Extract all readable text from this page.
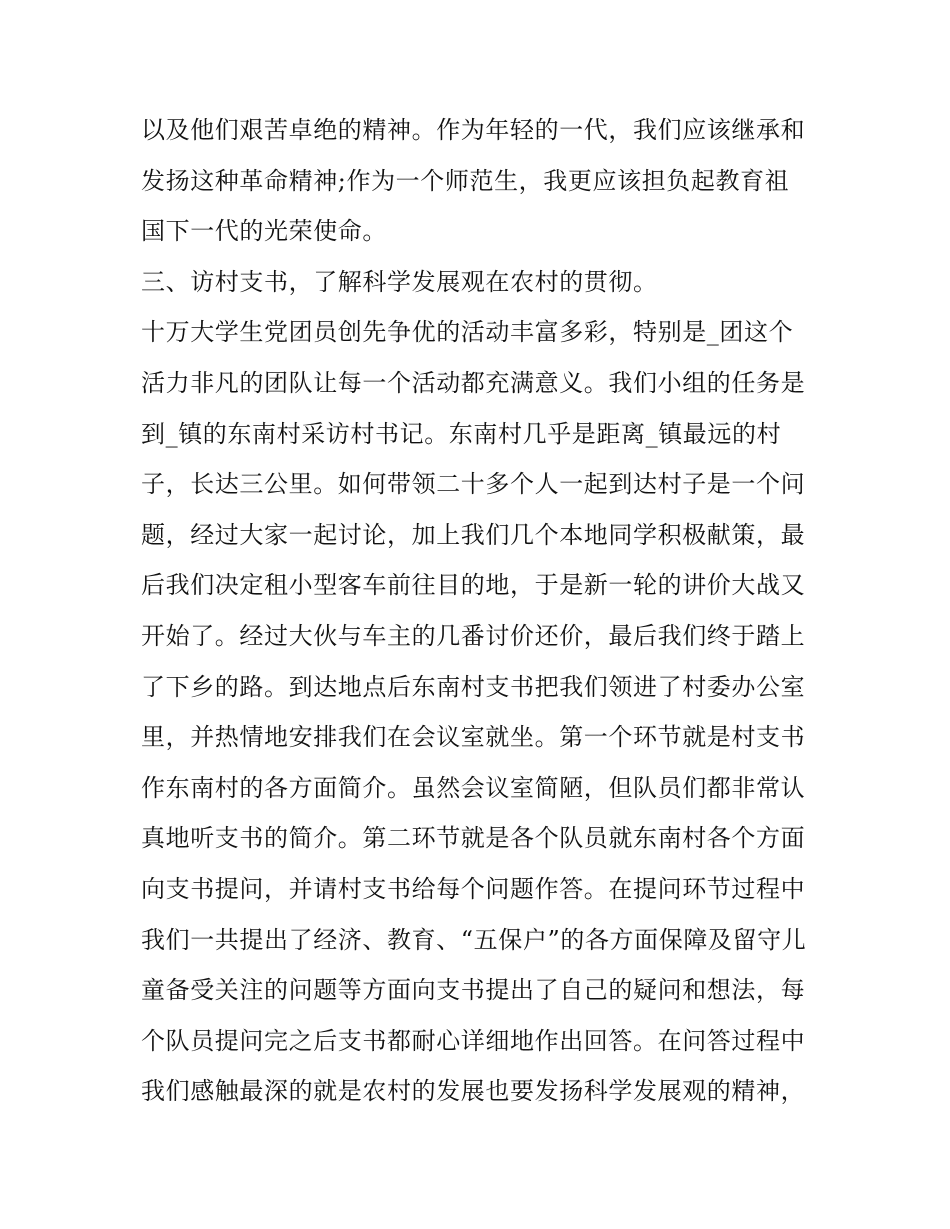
以及他们艰苦卓绝的精神。作为年轻的一代，我们应该继承和
发扬这种革命精神;作为一个师范生，我更应该担负起教育祖
国下一代的光荣使命。
三、访村支书，了解科学发展观在农村的贯彻。
十万大学生党团员创先争优的活动丰富多彩，特别是_团这个
活力非凡的团队让每一个活动都充满意义。我们小组的任务是
到_镇的东南村采访村书记。东南村几乎是距离_镇最远的村
子，长达三公里。如何带领二十多个人一起到达村子是一个问
题，经过大家一起讨论，加上我们几个本地同学积极献策，最
后我们决定租小型客车前往目的地，于是新一轮的讲价大战又
开始了。经过大伙与车主的几番讨价还价，最后我们终于踏上
了下乡的路。到达地点后东南村支书把我们领进了村委办公室
里，并热情地安排我们在会议室就坐。第一个环节就是村支书
作东南村的各方面简介。虽然会议室简陋，但队员们都非常认
真地听支书的简介。第二环节就是各个队员就东南村各个方面
向支书提问，并请村支书给每个问题作答。在提问环节过程中
我们一共提出了经济、教育、“五保户”的各方面保障及留守儿
童备受关注的问题等方面向支书提出了自己的疑问和想法，每
个队员提问完之后支书都耐心详细地作出回答。在问答过程中
我们感触最深的就是农村的发展也要发扬科学发展观的精神，
